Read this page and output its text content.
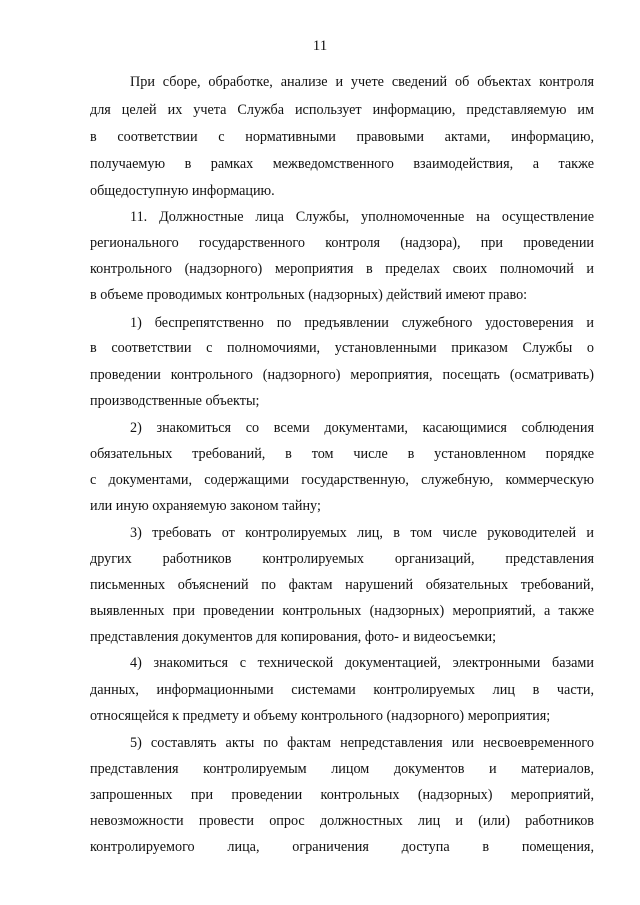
11
При сборе, обработке, анализе и учете сведений об объектах контроля
для целей их учета Служба использует информацию, представляемую им
в соответствии с нормативными правовыми актами, информацию,
получаемую в рамках межведомственного взаимодействия, а также
общедоступную информацию.
11. Должностные лица Службы, уполномоченные на осуществление
регионального государственного контроля (надзора), при проведении
контрольного (надзорного) мероприятия в пределах своих полномочий и
в объеме проводимых контрольных (надзорных) действий имеют право:
1) беспрепятственно по предъявлении служебного удостоверения и
в соответствии с полномочиями, установленными приказом Службы о
проведении контрольного (надзорного) мероприятия, посещать (осматривать)
производственные объекты;
2) знакомиться со всеми документами, касающимися соблюдения
обязательных требований, в том числе в установленном порядке
с документами, содержащими государственную, служебную, коммерческую
или иную охраняемую законом тайну;
3) требовать от контролируемых лиц, в том числе руководителей и
других работников контролируемых организаций, представления
письменных объяснений по фактам нарушений обязательных требований,
выявленных при проведении контрольных (надзорных) мероприятий, а также
представления документов для копирования, фото- и видеосъемки;
4) знакомиться с технической документацией, электронными базами
данных, информационными системами контролируемых лиц в части,
относящейся к предмету и объему контрольного (надзорного) мероприятия;
5) составлять акты по фактам непредставления или несвоевременного
представления контролируемым лицом документов и материалов,
запрошенных при проведении контрольных (надзорных) мероприятий,
невозможности провести опрос должностных лиц и (или) работников
контролируемого лица, ограничения доступа в помещения,
